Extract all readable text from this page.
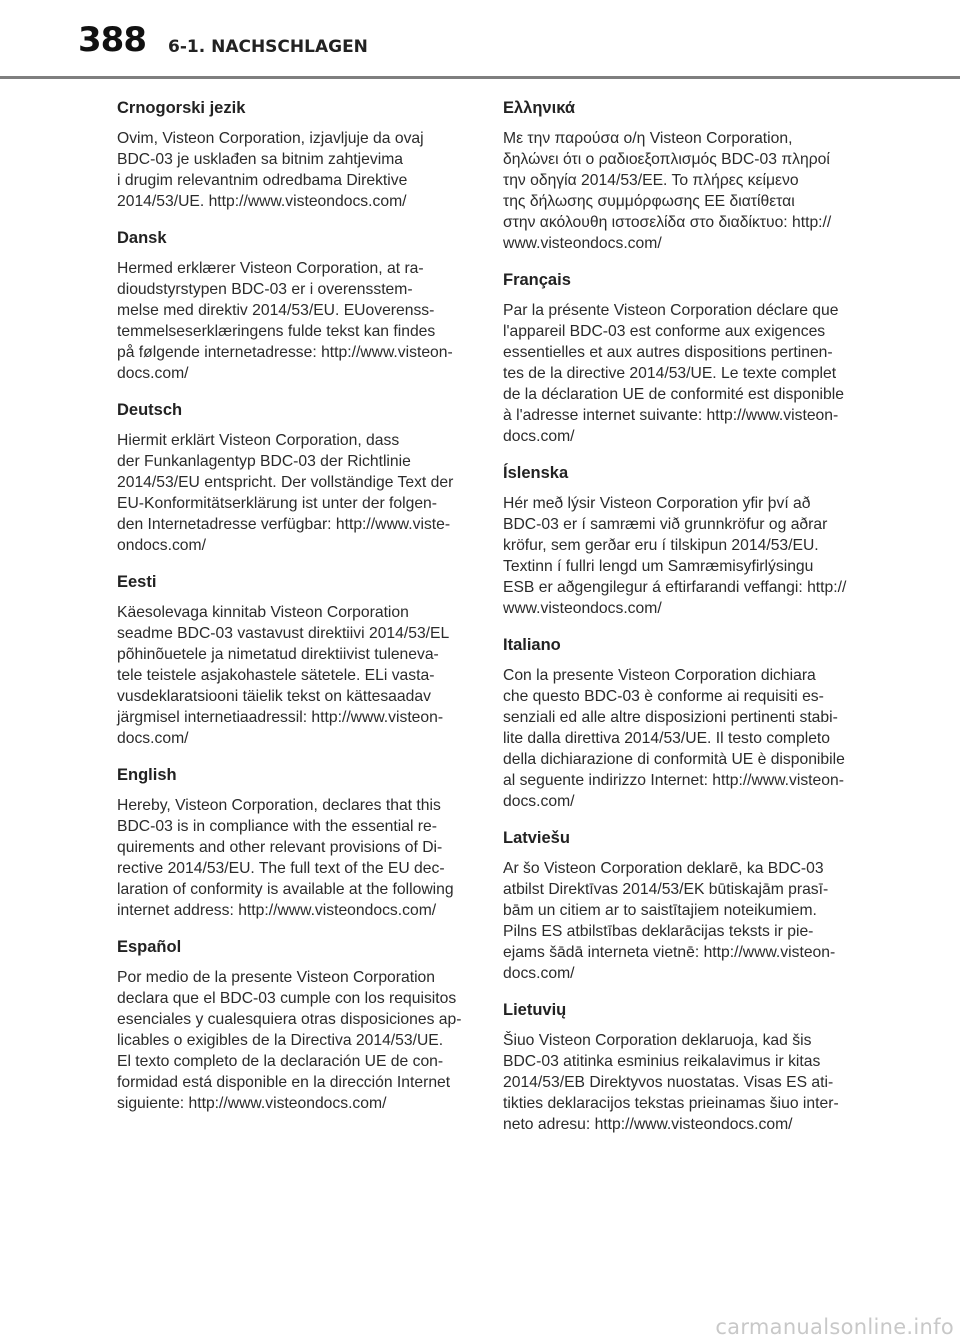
388 6-1. NACHSCHLAGEN
Crnogorski jezik

Ovim, Visteon Corporation, izjavljuje da ovaj
BDC-03 je usklađen sa bitnim zahtjevima
i drugim relevantnim odredbama Direktive
2014/53/UE. http://www.visteondocs.com/

Dansk

Hermed erklærer Visteon Corporation, at ra-
dioudstyrstypen BDC-03 er i overensstem-
melse med direktiv 2014/53/EU. EUoverenss-
temmelseserklæringens fulde tekst kan findes
på følgende internetadresse: http://www.visteon-
docs.com/

Deutsch

Hiermit erklärt Visteon Corporation, dass
der Funkanlagentyp BDC-03 der Richtlinie
2014/53/EU entspricht. Der vollständige Text der
EU-Konformitätserklärung ist unter der folgen-
den Internetadresse verfügbar: http://www.viste-
ondocs.com/

Eesti

Käesolevaga kinnitab Visteon Corporation
seadme BDC-03 vastavust direktiivi 2014/53/EL
põhinõuetele ja nimetatud direktiivist tuleneva-
tele teistele asjakohastele sätetele. ELi vasta-
vusdeklaratsiooni täielik tekst on kättesaadav
järgmisel internetiaadressil: http://www.visteon-
docs.com/

English

Hereby, Visteon Corporation, declares that this
BDC-03 is in compliance with the essential re-
quirements and other relevant provisions of Di-
rective 2014/53/EU. The full text of the EU dec-
laration of conformity is available at the following
internet address: http://www.visteondocs.com/

Español

Por medio de la presente Visteon Corporation
declara que el BDC-03 cumple con los requisitos
esenciales y cualesquiera otras disposiciones ap-
licables o exigibles de la Directiva 2014/53/UE.
El texto completo de la declaración UE de con-
formidad está disponible en la dirección Internet
siguiente: http://www.visteondocs.com/

Ελληνικά

Με την παρούσα ο/η Visteon Corporation,
δηλώνει ότι ο ραδιοεξοπλισμός BDC-03 πληροί
την οδηγία 2014/53/ΕΕ. Το πλήρες κείμενο
της δήλωσης συμμόρφωσης ΕΕ διατίθεται
στην ακόλουθη ιστοσελίδα στο διαδίκτυο: http://
www.visteondocs.com/

Français

Par la présente Visteon Corporation déclare que
l'appareil BDC-03 est conforme aux exigences
essentielles et aux autres dispositions pertinen-
tes de la directive 2014/53/UE. Le texte complet
de la déclaration UE de conformité est disponible
à l'adresse internet suivante: http://www.visteon-
docs.com/

Íslenska

Hér með lýsir Visteon Corporation yfir því að
BDC-03 er í samræmi við grunnkröfur og aðrar
kröfur, sem gerðar eru í tilskipun 2014/53/EU.
Textinn í fullri lengd um Samræmisyfirlýsingu
ESB er aðgengilegur á eftirfarandi veffangi: http://
www.visteondocs.com/

Italiano

Con la presente Visteon Corporation dichiara
che questo BDC-03 è conforme ai requisiti es-
senziali ed alle altre disposizioni pertinenti stabi-
lite dalla direttiva 2014/53/UE. Il testo completo
della dichiarazione di conformità UE è disponibile
al seguente indirizzo Internet: http://www.visteon-
docs.com/

Latviešu

Ar šo Visteon Corporation deklarē, ka BDC-03
atbilst Direktīvas 2014/53/EK būtiskajām prasī-
bām un citiem ar to saistītajiem noteikumiem.
Pilns ES atbilstības deklarācijas teksts ir pie-
ejams šādā interneta vietnē: http://www.visteon-
docs.com/

Lietuvių

Šiuo Visteon Corporation deklaruoja, kad šis
BDC-03 atitinka esminius reikalavimus ir kitas
2014/53/EB Direktyvos nuostatas. Visas ES ati-
tikties deklaracijos tekstas prieinamas šiuo inter-
neto adresu: http://www.visteondocs.com/

carmanualsonline.info
